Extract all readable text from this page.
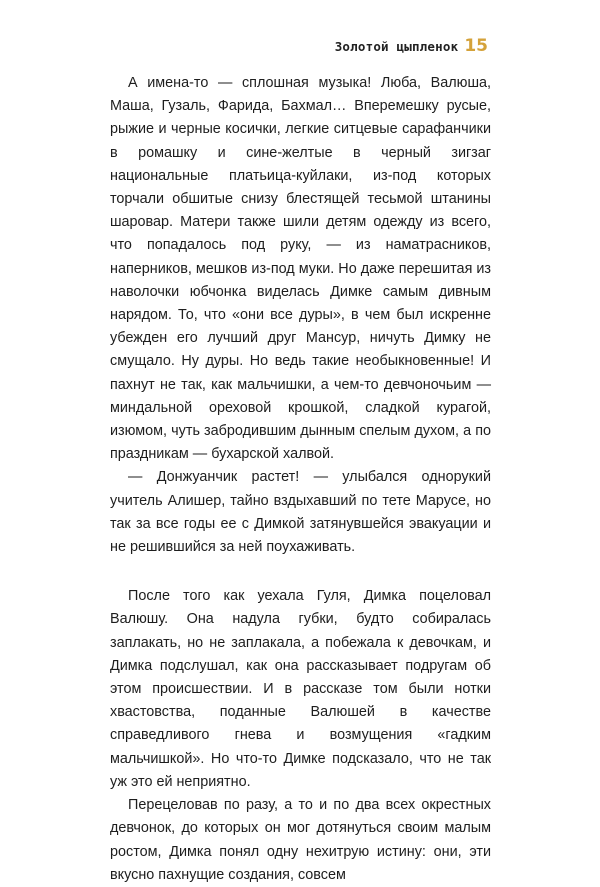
Золотой цыпленок 15

А имена-то — сплошная музыка! Люба, Валюша, Маша, Гузаль, Фарида, Бахмал… Вперемешку русые, рыжие и черные косички, легкие ситцевые сарафанчики в ромашку и сине-желтые в черный зигзаг национальные платьица-куйлаки, из-под которых торчали обшитые снизу блестящей тесьмой штанины шаровар. Матери также шили детям одежду из всего, что попадалось под руку, — из наматрасников, наперников, мешков из-под муки. Но даже перешитая из наволочки юбчонка виделась Димке самым дивным нарядом. То, что «они все дуры», в чем был искренне убежден его лучший друг Мансур, ничуть Димку не смущало. Ну дуры. Но ведь такие необыкновенные! И пахнут не так, как мальчишки, а чем-то девчоночьим — миндальной ореховой крошкой, сладкой курагой, изюмом, чуть забродившим дынным спелым духом, а по праздникам — бухарской халвой.

— Донжуанчик растет! — улыбался однорукий учитель Алишер, тайно вздыхавший по тете Марусе, но так за все годы ее с Димкой затянувшейся эвакуации и не решившийся за ней поухаживать.

После того как уехала Гуля, Димка поцеловал Валюшу. Она надула губки, будто собиралась заплакать, но не заплакала, а побежала к девочкам, и Димка подслушал, как она рассказывает подругам об этом происшествии. И в рассказе том были нотки хвастовства, поданные Валюшей в качестве справедливого гнева и возмущения «гадким мальчишкой». Но что-то Димке подсказало, что не так уж это ей неприятно.

Перецеловав по разу, а то и по два всех окрестных девчонок, до которых он мог дотянуться своим малым ростом, Димка понял одну нехитрую истину: они, эти вкусно пахнущие создания, совсем
